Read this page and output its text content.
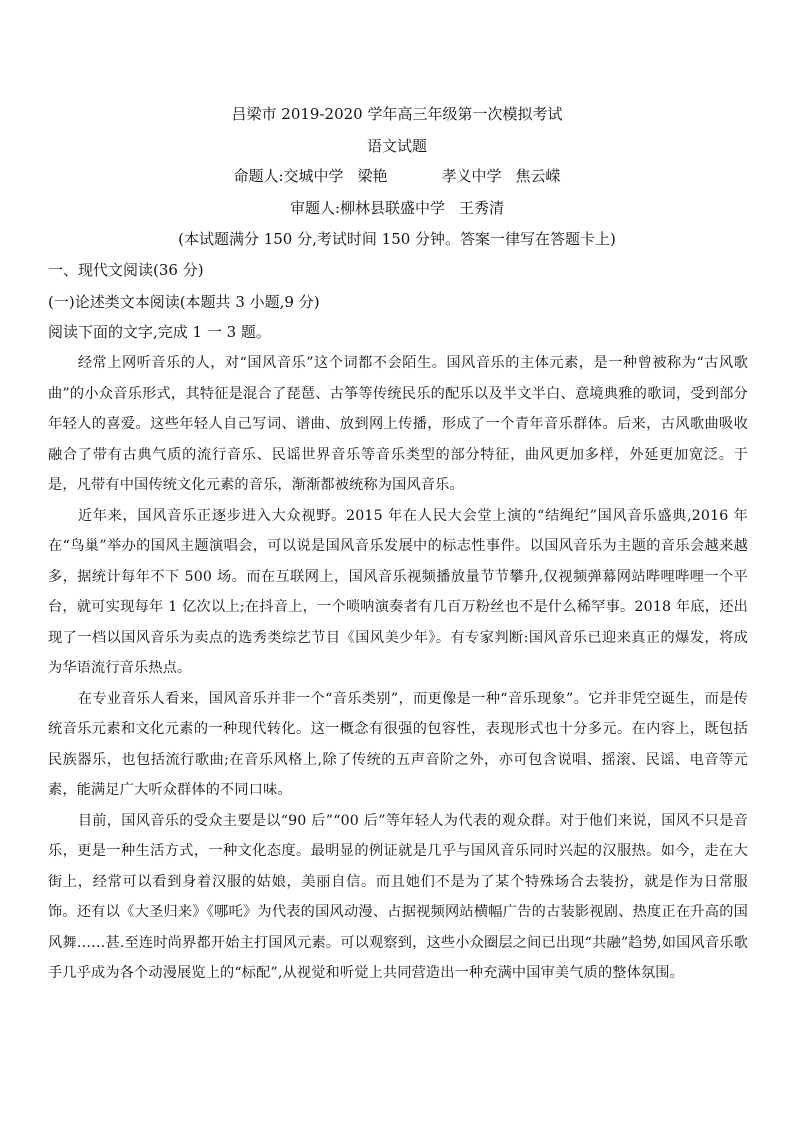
吕梁市 2019-2020 学年高三年级第一次模拟考试
语文试题
命题人:交城中学 梁艳	孝义中学 焦云嵘
审题人:柳林县联盛中学 王秀清
(本试题满分 150 分,考试时间 150 分钟。答案一律写在答题卡上)
一、现代文阅读(36 分)
(一)论述类文本阅读(本题共 3 小题,9 分)
阅读下面的文字,完成 1 一 3 题。

经常上网听音乐的人，对“国风音乐”这个词都不会陌生。国风音乐的主体元素，是一种曾被称为“古风歌曲”的小众音乐形式，其特征是混合了琵琶、古筝等传统民乐的配乐以及半文半白、意境典雅的歌词，受到部分年轻人的喜爱。这些年轻人自己写词、谱曲、放到网上传播，形成了一个青年音乐群体。后来，古风歌曲吸收融合了带有古典气质的流行音乐、民谣世界音乐等音乐类型的部分特征，曲风更加多样，外延更加宽泛。于是，凡带有中国传统文化元素的音乐，渐渐都被统称为国风音乐。

近年来，国风音乐正逐步进入大众视野。2015 年在人民大会堂上演的“结绳纪”国风音乐盛典,2016 年在“鸟巢”举办的国风主题演唱会，可以说是国风音乐发展中的标志性事件。以国风音乐为主题的音乐会越来越多，据统计每年不下 500 场。而在互联网上，国风音乐视频播放量节节攀升,仅视频弹幕网站哔哩哔哩一个平台，就可实现每年 1 亿次以上;在抖音上，一个唢呐演奏者有几百万粉丝也不是什么稀罕事。2018 年底，还出现了一档以国风音乐为卖点的选秀类综艺节目《国风美少年》。有专家判断:国风音乐已迎来真正的爆发，将成为华语流行音乐热点。

在专业音乐人看来，国风音乐并非一个“音乐类别”，而更像是一种“音乐现象”。它并非凭空诞生，而是传统音乐元素和文化元素的一种现代转化。这一概念有很强的包容性，表现形式也十分多元。在内容上，既包括民族器乐，也包括流行歌曲;在音乐风格上,除了传统的五声音阶之外，亦可包含说唱、摇滚、民谣、电音等元素，能满足广大听众群体的不同口味。

目前，国风音乐的受众主要是以“90 后”“00 后”等年轻人为代表的观众群。对于他们来说，国风不只是音乐，更是一种生活方式，一种文化态度。最明显的例证就是几乎与国风音乐同时兴起的汉服热。如今，走在大街上，经常可以看到身着汉服的姑娘，美丽自信。而且她们不是为了某个特殊场合去装扮，就是作为日常服饰。还有以《大圣归来》《哪吒》为代表的国风动漫、占据视频网站横幅广告的古装影视剧、热度正在升高的国风舞……甚.至连时尚界都开始主打国风元素。可以观察到，这些小众圈层之间已出现“共融”趋势,如国风音乐歌手几乎成为各个动漫展览上的“标配”,从视觉和听觉上共同营造出一种充满中国审美气质的整体氛围。
